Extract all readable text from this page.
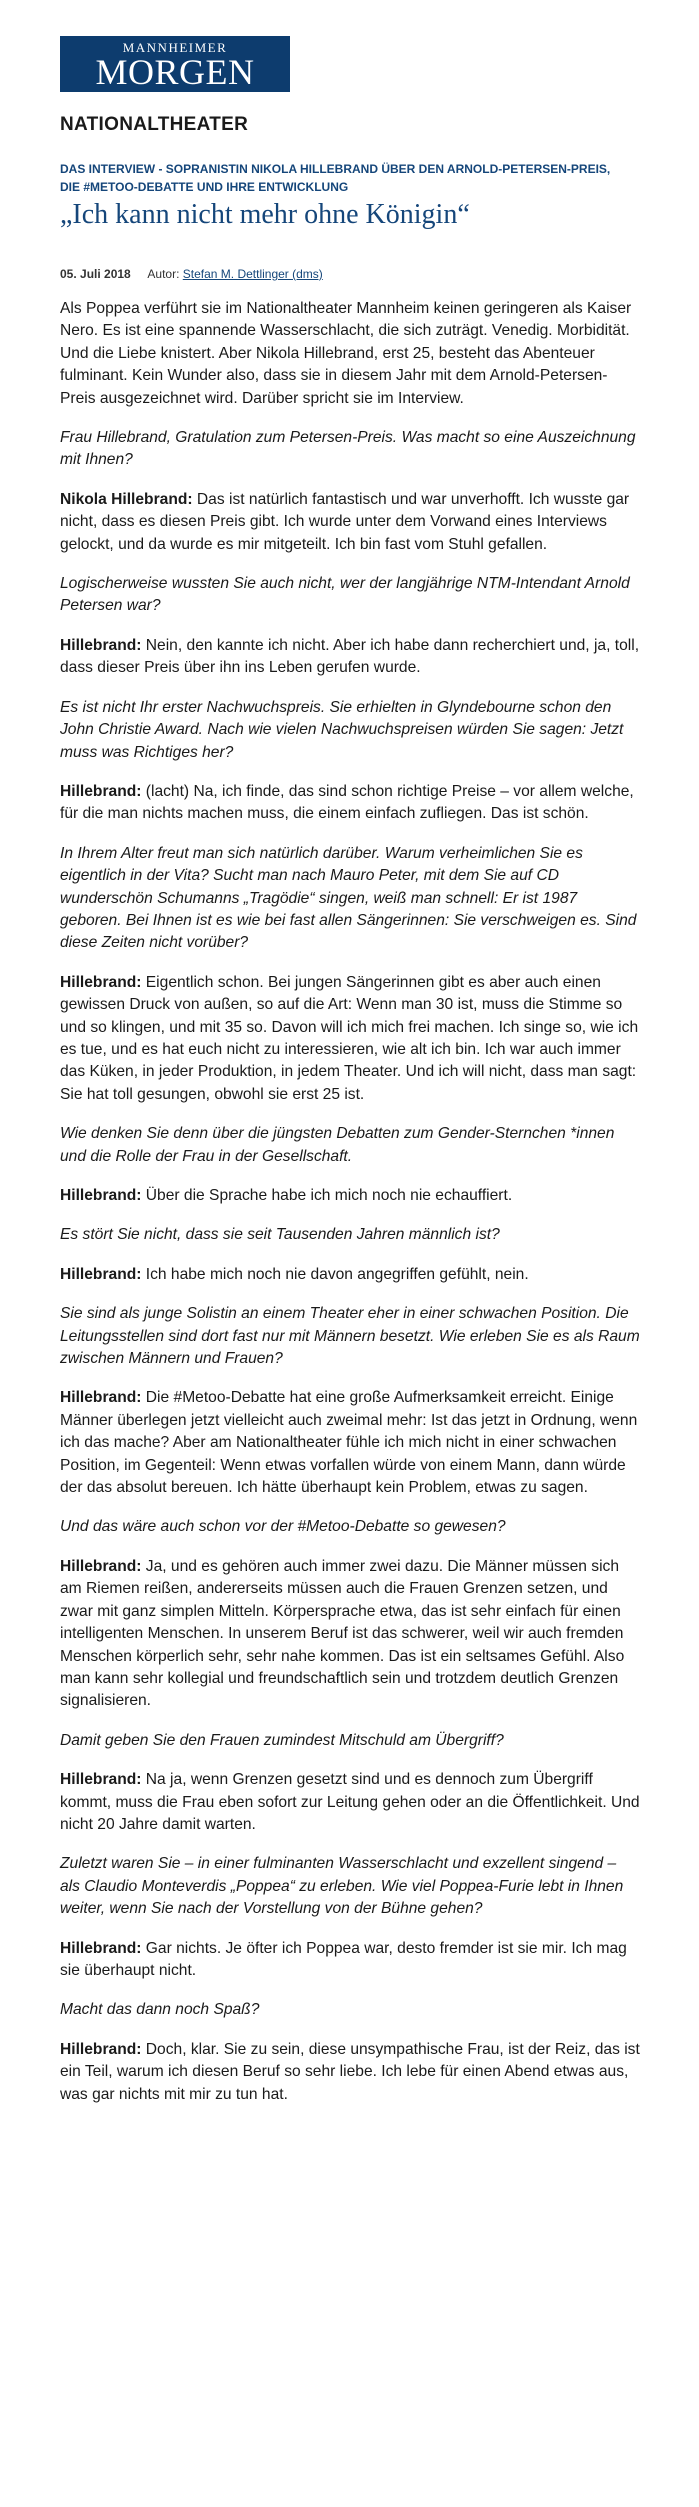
MANNHEIMER
MORGEN
NATIONALTHEATER
DAS INTERVIEW - SOPRANISTIN NIKOLA HILLEBRAND ÜBER DEN ARNOLD-PETERSEN-PREIS, DIE #METOO-DEBATTE UND IHRE ENTWICKLUNG
„Ich kann nicht mehr ohne Königin“
05. Juli 2018 Autor: Stefan M. Dettlinger (dms)

Als Poppea verführt sie im Nationaltheater Mannheim keinen geringeren als Kaiser Nero. Es ist eine spannende Wasserschlacht, die sich zuträgt. Venedig. Morbidität. Und die Liebe knistert. Aber Nikola Hillebrand, erst 25, besteht das Abenteuer fulminant. Kein Wunder also, dass sie in diesem Jahr mit dem Arnold-Petersen-Preis ausgezeichnet wird. Darüber spricht sie im Interview.

Frau Hillebrand, Gratulation zum Petersen-Preis. Was macht so eine Auszeichnung mit Ihnen?

Nikola Hillebrand: Das ist natürlich fantastisch und war unverhofft. Ich wusste gar nicht, dass es diesen Preis gibt. Ich wurde unter dem Vorwand eines Interviews gelockt, und da wurde es mir mitgeteilt. Ich bin fast vom Stuhl gefallen.

Logischerweise wussten Sie auch nicht, wer der langjährige NTM-Intendant Arnold Petersen war?

Hillebrand: Nein, den kannte ich nicht. Aber ich habe dann recherchiert und, ja, toll, dass dieser Preis über ihn ins Leben gerufen wurde.

Es ist nicht Ihr erster Nachwuchspreis. Sie erhielten in Glyndebourne schon den John Christie Award. Nach wie vielen Nachwuchspreisen würden Sie sagen: Jetzt muss was Richtiges her?

Hillebrand: (lacht) Na, ich finde, das sind schon richtige Preise – vor allem welche, für die man nichts machen muss, die einem einfach zufliegen. Das ist schön.

In Ihrem Alter freut man sich natürlich darüber. Warum verheimlichen Sie es eigentlich in der Vita? Sucht man nach Mauro Peter, mit dem Sie auf CD wunderschön Schumanns „Tragödie“ singen, weiß man schnell: Er ist 1987 geboren. Bei Ihnen ist es wie bei fast allen Sängerinnen: Sie verschweigen es. Sind diese Zeiten nicht vorüber?

Hillebrand: Eigentlich schon. Bei jungen Sängerinnen gibt es aber auch einen gewissen Druck von außen, so auf die Art: Wenn man 30 ist, muss die Stimme so und so klingen, und mit 35 so. Davon will ich mich frei machen. Ich singe so, wie ich es tue, und es hat euch nicht zu interessieren, wie alt ich bin. Ich war auch immer das Küken, in jeder Produktion, in jedem Theater. Und ich will nicht, dass man sagt: Sie hat toll gesungen, obwohl sie erst 25 ist.

Wie denken Sie denn über die jüngsten Debatten zum Gender-Sternchen *innen und die Rolle der Frau in der Gesellschaft.

Hillebrand: Über die Sprache habe ich mich noch nie echauffiert.

Es stört Sie nicht, dass sie seit Tausenden Jahren männlich ist?

Hillebrand: Ich habe mich noch nie davon angegriffen gefühlt, nein.

Sie sind als junge Solistin an einem Theater eher in einer schwachen Position. Die Leitungsstellen sind dort fast nur mit Männern besetzt. Wie erleben Sie es als Raum zwischen Männern und Frauen?

Hillebrand: Die #Metoo-Debatte hat eine große Aufmerksamkeit erreicht. Einige Männer überlegen jetzt vielleicht auch zweimal mehr: Ist das jetzt in Ordnung, wenn ich das mache? Aber am Nationaltheater fühle ich mich nicht in einer schwachen Position, im Gegenteil: Wenn etwas vorfallen würde von einem Mann, dann würde der das absolut bereuen. Ich hätte überhaupt kein Problem, etwas zu sagen.

Und das wäre auch schon vor der #Metoo-Debatte so gewesen?

Hillebrand: Ja, und es gehören auch immer zwei dazu. Die Männer müssen sich am Riemen reißen, andererseits müssen auch die Frauen Grenzen setzen, und zwar mit ganz simplen Mitteln. Körpersprache etwa, das ist sehr einfach für einen intelligenten Menschen. In unserem Beruf ist das schwerer, weil wir auch fremden Menschen körperlich sehr, sehr nahe kommen. Das ist ein seltsames Gefühl. Also man kann sehr kollegial und freundschaftlich sein und trotzdem deutlich Grenzen signalisieren.

Damit geben Sie den Frauen zumindest Mitschuld am Übergriff?

Hillebrand: Na ja, wenn Grenzen gesetzt sind und es dennoch zum Übergriff kommt, muss die Frau eben sofort zur Leitung gehen oder an die Öffentlichkeit. Und nicht 20 Jahre damit warten.

Zuletzt waren Sie – in einer fulminanten Wasserschlacht und exzellent singend – als Claudio Monteverdis „Poppea“ zu erleben. Wie viel Poppea-Furie lebt in Ihnen weiter, wenn Sie nach der Vorstellung von der Bühne gehen?

Hillebrand: Gar nichts. Je öfter ich Poppea war, desto fremder ist sie mir. Ich mag sie überhaupt nicht.

Macht das dann noch Spaß?

Hillebrand: Doch, klar. Sie zu sein, diese unsympathische Frau, ist der Reiz, das ist ein Teil, warum ich diesen Beruf so sehr liebe. Ich lebe für einen Abend etwas aus, was gar nichts mit mir zu tun hat.
